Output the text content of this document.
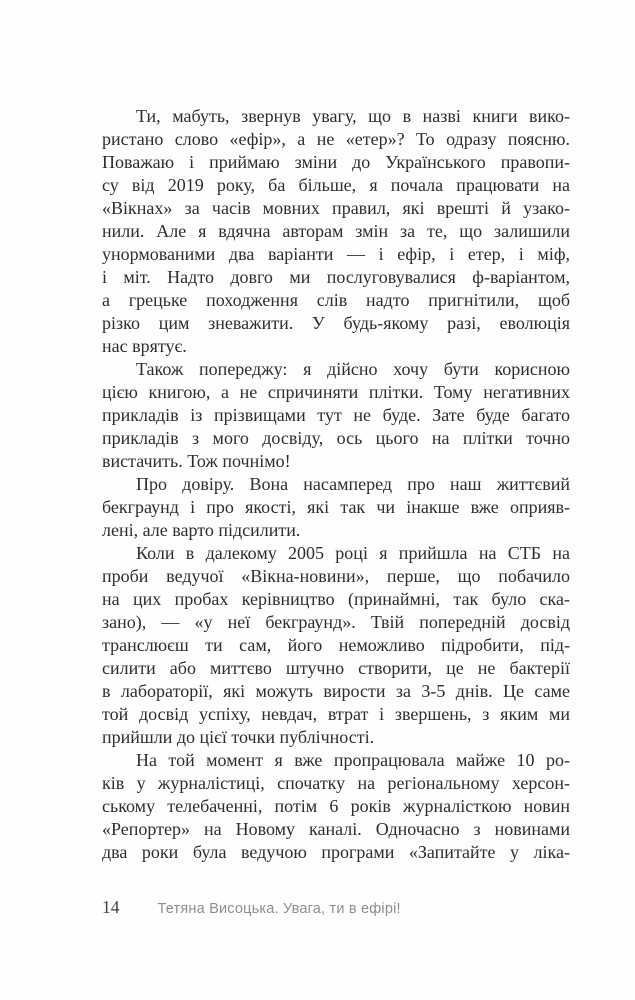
Ти, мабуть, звернув увагу, що в назві книги вико-
ристано слово «ефір», а не «етер»? То одразу поясню.
Поважаю і приймаю зміни до Українського правопи-
су від 2019 року, ба більше, я почала працювати на
«Вікнах» за часів мовних правил, які врешті й узако-
нили. Але я вдячна авторам змін за те, що залишили
унормованими два варіанти — і ефір, і етер, і міф,
і міт. Надто довго ми послуговувалися ф-варіантом,
а грецьке походження слів надто пригнітили, щоб
різко цим зневажити. У будь-якому разі, еволюція
нас врятує.
Також попереджу: я дійсно хочу бути корисною
цією книгою, а не спричиняти плітки. Тому негативних
прикладів із прізвищами тут не буде. Зате буде багато
прикладів з мого досвіду, ось цього на плітки точно
вистачить. Тож почнімо!
Про довіру. Вона насамперед про наш життєвий
бекграунд і про якості, які так чи інакше вже оприяв-
лені, але варто підсилити.
Коли в далекому 2005 році я прийшла на СТБ на
проби ведучої «Вікна-новини», перше, що побачило
на цих пробах керівництво (принаймні, так було ска-
зано), — «у неї бекграунд». Твій попередній досвід
транслюєш ти сам, його неможливо підробити, під-
силити або миттєво штучно створити, це не бактерії
в лабораторії, які можуть вирости за 3-5 днів. Це саме
той досвід успіху, невдач, втрат і звершень, з яким ми
прийшли до цієї точки публічності.
На той момент я вже пропрацювала майже 10 ро-
ків у журналістиці, спочатку на регіональному херсон-
ському телебаченні, потім 6 років журналісткою новин
«Репортер» на Новому каналі. Одночасно з новинами
два роки була ведучою програми «Запитайте у ліка-
14	Тетяна Висоцька. Увага, ти в ефірі!
